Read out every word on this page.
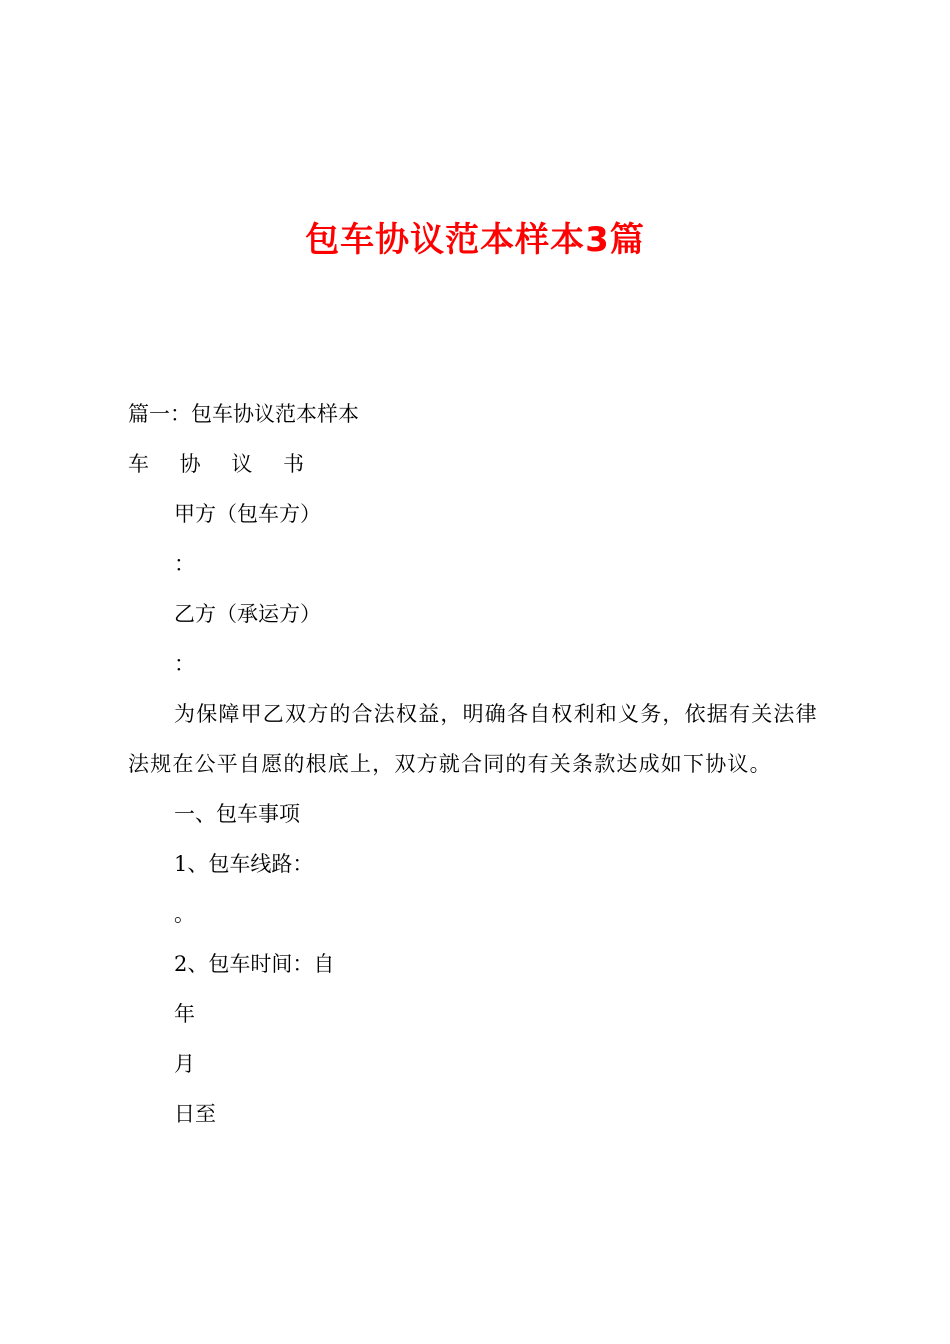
包车协议范本样本3篇
篇一：包车协议范本样本
车 协 议 书
甲方（包车方）
：
乙方（承运方）
：
为保障甲乙双方的合法权益，明确各自权利和义务，依据有关法律
法规在公平自愿的根底上，双方就合同的有关条款达成如下协议。
一、包车事项
1、包车线路：
。
2、包车时间：自
年
月
日至
